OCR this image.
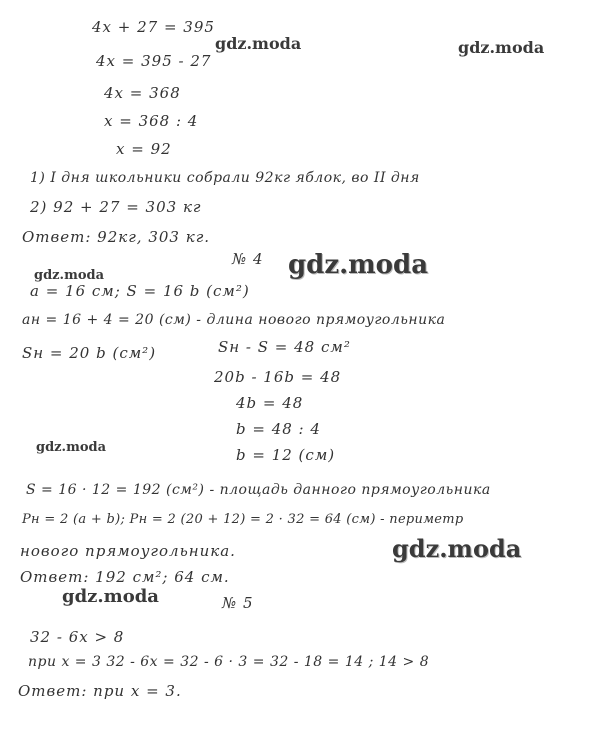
4x + 27 = 395
4x = 395 - 27
4x = 368
x = 368 : 4
x = 92
1) I дня школьники собрали 92кг яблок, во II дня
2) 92 + 27 = 303 кг
Ответ: 92кг, 303 кг.
№ 4
a = 16 см; S = 16 b (см²)
aн = 16 + 4 = 20 (см) - длина нового прямоугольника
Sн = 20 b (см²)	Sн - S = 48 см²
20b - 16b = 48
4b = 48
b = 48 : 4
b = 12 (см)
S = 16 · 12 = 192 (см²) - площадь данного прямоугольника
Pн = 2 (a + b); Pн = 2 (20 + 12) = 2 · 32 = 64 (см) - периметр
нового прямоугольника.
Ответ: 192 см²; 64 см.
№ 5
32 - 6x > 8
при x = 3 32 - 6x = 32 - 6 · 3 = 32 - 18 = 14 ; 14 > 8
Ответ: при x = 3.
gdz.moda	gdz.moda
gdz.moda
gdz.moda
gdz.moda
gdz.moda
gdz.moda
